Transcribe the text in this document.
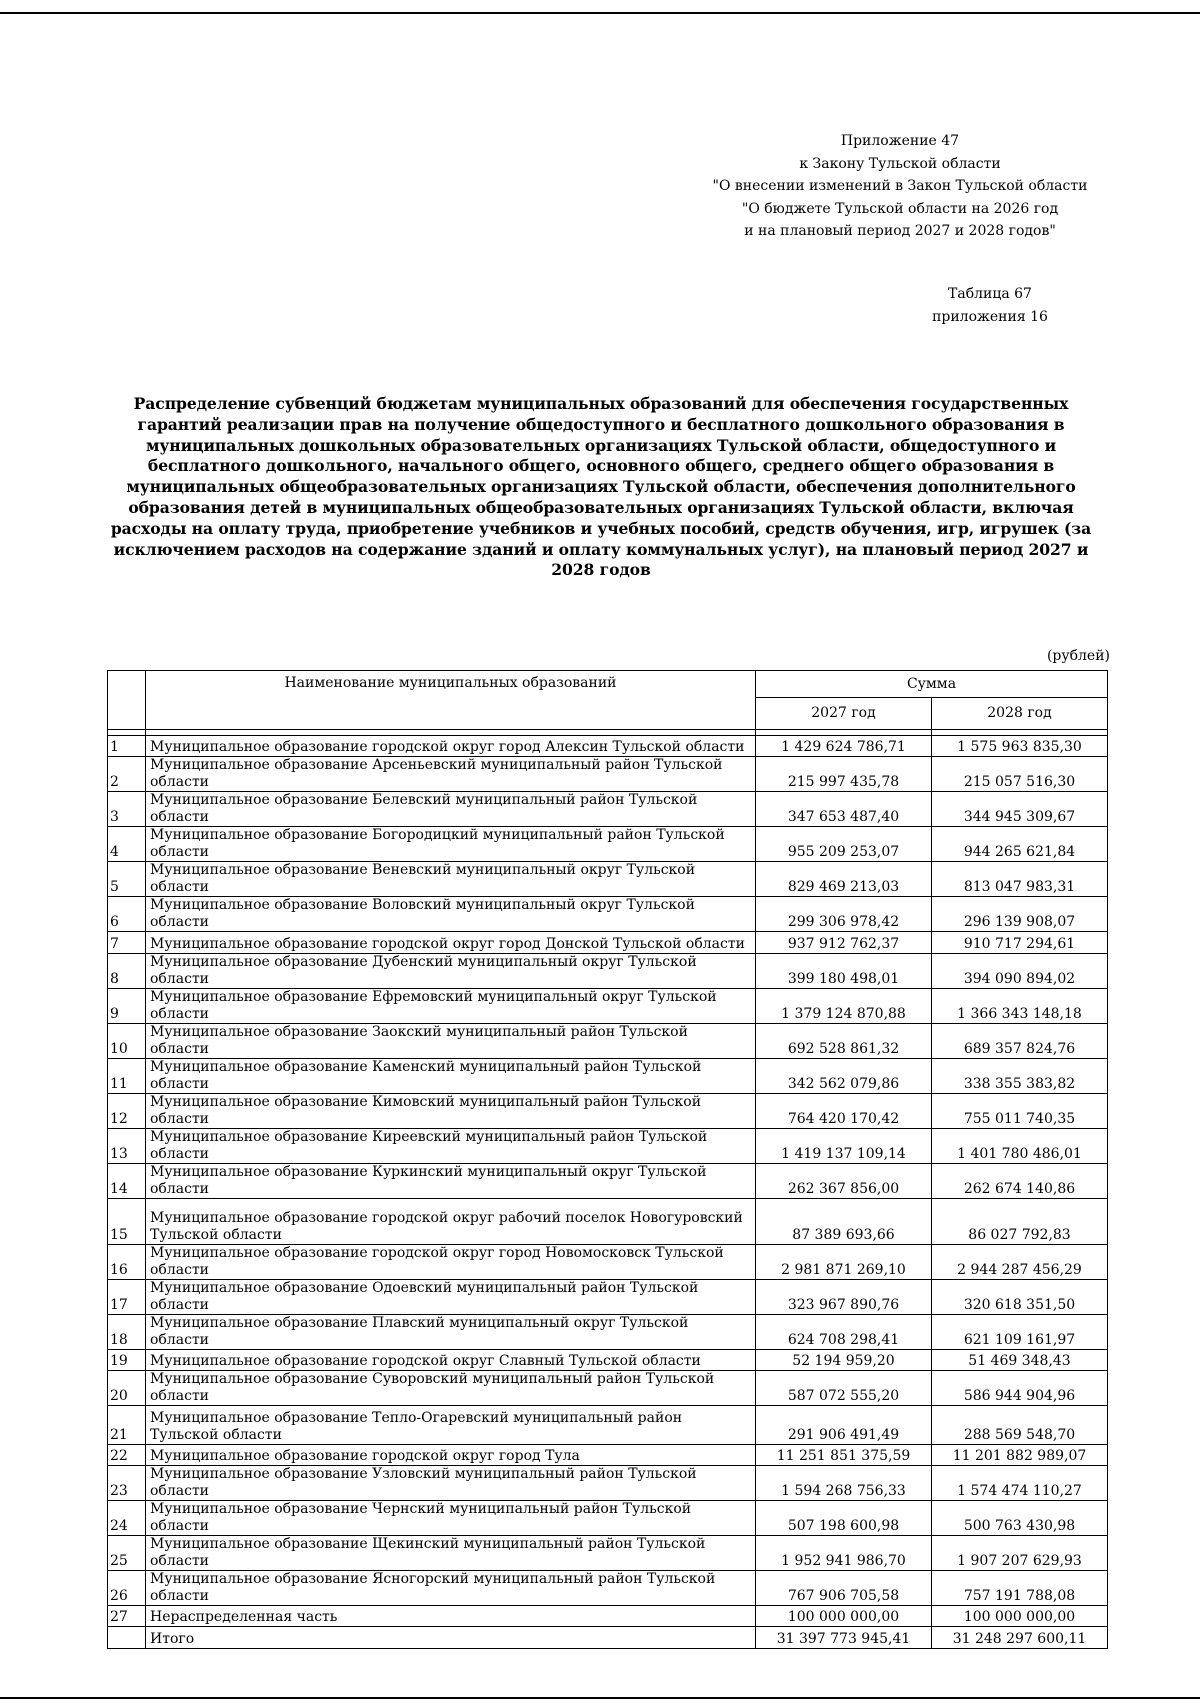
Приложение 47
к Закону Тульской области
"О внесении изменений в Закон Тульской области
"О бюджете Тульской области на 2026 год
и на плановый период 2027 и 2028 годов"
Таблица 67
приложения 16
Распределение субвенций бюджетам муниципальных образований для обеспечения государственных гарантий реализации прав на получение общедоступного и бесплатного дошкольного образования в муниципальных дошкольных образовательных организациях Тульской области, общедоступного и бесплатного дошкольного, начального общего, основного общего, среднего общего образования в муниципальных общеобразовательных организациях Тульской области, обеспечения дополнительного образования детей в муниципальных общеобразовательных организациях Тульской области, включая расходы на оплату труда, приобретение учебников и учебных пособий, средств обучения, игр, игрушек (за исключением расходов на содержание зданий и оплату коммунальных услуг), на плановый период 2027 и 2028 годов
(рублей)
	Наименование муниципальных образований	Сумма	
		2027 год	2028 год

1	Муниципальное образование городской округ город Алексин Тульской области	1 429 624 786,71	1 575 963 835,30
2	Муниципальное образование Арсеньевский муниципальный район Тульской области	215 997 435,78	215 057 516,30
3	Муниципальное образование Белевский муниципальный район Тульской области	347 653 487,40	344 945 309,67
4	Муниципальное образование Богородицкий муниципальный район Тульской области	955 209 253,07	944 265 621,84
5	Муниципальное образование Веневский муниципальный округ Тульской области	829 469 213,03	813 047 983,31
6	Муниципальное образование Воловский муниципальный округ Тульской области	299 306 978,42	296 139 908,07
7	Муниципальное образование городской округ город Донской Тульской области	937 912 762,37	910 717 294,61
8	Муниципальное образование Дубенский муниципальный округ Тульской области	399 180 498,01	394 090 894,02
9	Муниципальное образование Ефремовский муниципальный округ Тульской области	1 379 124 870,88	1 366 343 148,18
10	Муниципальное образование Заокский муниципальный район Тульской области	692 528 861,32	689 357 824,76
11	Муниципальное образование Каменский муниципальный район Тульской области	342 562 079,86	338 355 383,82
12	Муниципальное образование Кимовский муниципальный район Тульской области	764 420 170,42	755 011 740,35
13	Муниципальное образование Киреевский муниципальный район Тульской области	1 419 137 109,14	1 401 780 486,01
14	Муниципальное образование Куркинский муниципальный округ Тульской области	262 367 856,00	262 674 140,86
15	Муниципальное образование городской округ рабочий поселок Новогуровский Тульской области	87 389 693,66	86 027 792,83
16	Муниципальное образование городской округ город Новомосковск Тульской области	2 981 871 269,10	2 944 287 456,29
17	Муниципальное образование Одоевский муниципальный район Тульской области	323 967 890,76	320 618 351,50
18	Муниципальное образование Плавский муниципальный округ Тульской области	624 708 298,41	621 109 161,97
19	Муниципальное образование городской округ Славный Тульской области	52 194 959,20	51 469 348,43
20	Муниципальное образование Суворовский муниципальный район Тульской области	587 072 555,20	586 944 904,96
21	Муниципальное образование Тепло-Огаревский муниципальный район Тульской области	291 906 491,49	288 569 548,70
22	Муниципальное образование городской округ город Тула	11 251 851 375,59	11 201 882 989,07
23	Муниципальное образование Узловский муниципальный район Тульской области	1 594 268 756,33	1 574 474 110,27
24	Муниципальное образование Чернский муниципальный район Тульской области	507 198 600,98	500 763 430,98
25	Муниципальное образование Щекинский муниципальный район Тульской области	1 952 941 986,70	1 907 207 629,93
26	Муниципальное образование Ясногорский муниципальный район Тульской области	767 906 705,58	757 191 788,08
27	Нераспределенная часть	100 000 000,00	100 000 000,00
	Итого	31 397 773 945,41	31 248 297 600,11
